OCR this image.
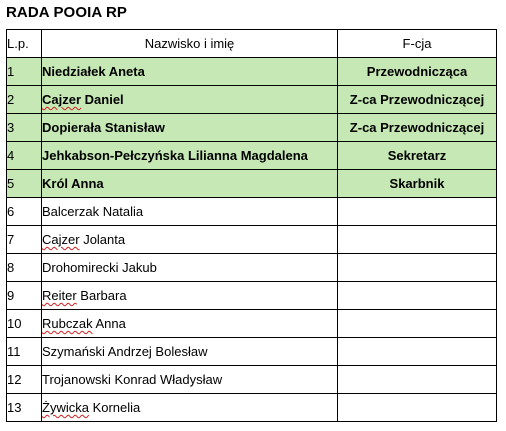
RADA POOIA RP
L.p.	Nazwisko i imię	F-cja
1	Niedziałek Aneta	Przewodnicząca
2	Cajzer Daniel	Z-ca Przewodniczącej
3	Dopierała Stanisław	Z-ca Przewodniczącej
4	Jehkabson-Pełczyńska Lilianna Magdalena	Sekretarz
5	Król Anna	Skarbnik
6	Balcerzak Natalia	
7	Cajzer Jolanta	
8	Drohomirecki Jakub	
9	Reiter Barbara	
10	Rubczak Anna	
11	Szymański Andrzej Bolesław	
12	Trojanowski Konrad Władysław	
13	Żywicka Kornelia	
